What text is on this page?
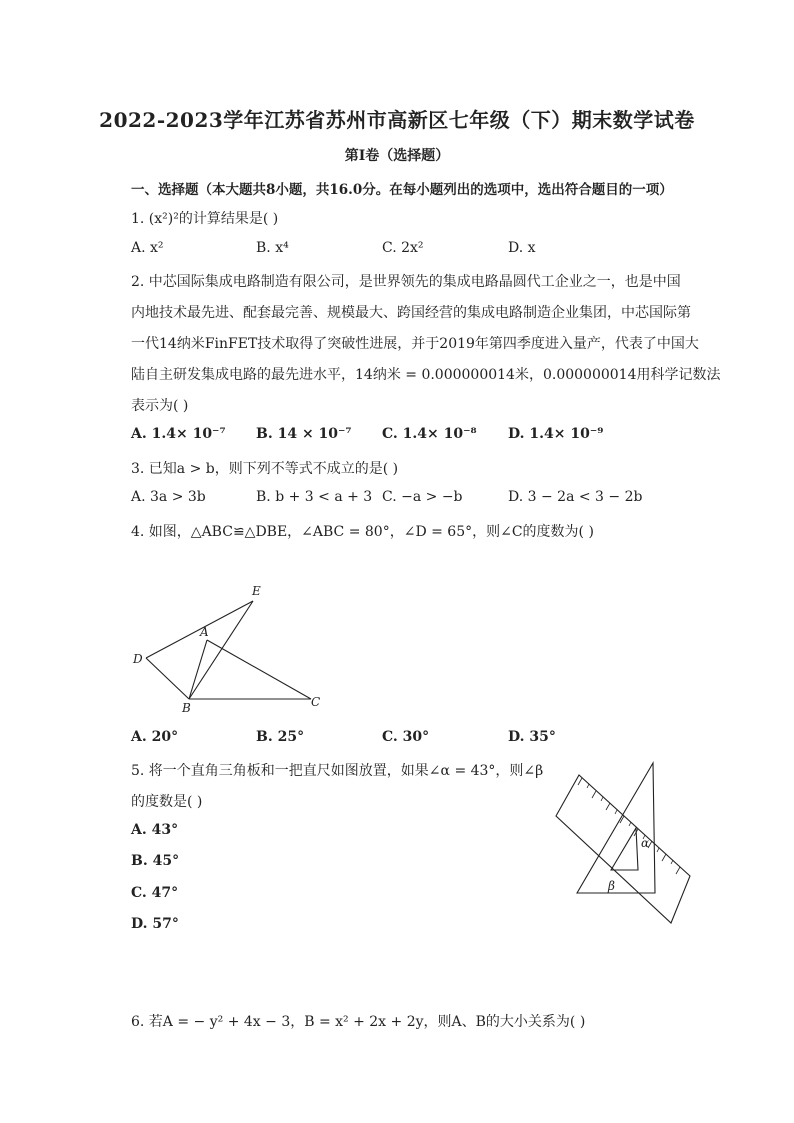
2022-2023学年江苏省苏州市高新区七年级（下）期末数学试卷
第I卷（选择题）
一、选择题（本大题共8小题，共16.0分。在每小题列出的选项中，选出符合题目的一项）
1. (x²)²的计算结果是( )
A. x²	B. x⁴	C. 2x²	D. x
2. 中芯国际集成电路制造有限公司，是世界领先的集成电路晶圆代工企业之一，也是中国
内地技术最先进、配套最完善、规模最大、跨国经营的集成电路制造企业集团，中芯国际第
一代14纳米FinFET技术取得了突破性进展，并于2019年第四季度进入量产，代表了中国大
陆自主研发集成电路的最先进水平，14纳米 = 0.000000014米，0.000000014用科学记数法
表示为( )
A. 1.4× 10⁻⁷ B. 14 × 10⁻⁷ C. 1.4× 10⁻⁸ D. 1.4× 10⁻⁹
3. 已知a > b，则下列不等式不成立的是( )
A. 3a > 3b	B. b + 3 < a + 3 C. −a > −b	D. 3 − 2a < 3 − 2b
4. 如图，△ABC≌△DBE，∠ABC = 80°，∠D = 65°，则∠C的度数为( )
E
A
D
B	C
A. 20°	B. 25°	C. 30°	D. 35°
5. 将一个直角三角板和一把直尺如图放置，如果∠α = 43°，则∠β
的度数是( )
A. 43°
B. 45°
C. 47°
D. 57°
α
β
6. 若A = − y² + 4x − 3，B = x² + 2x + 2y，则A、B的大小关系为( )
